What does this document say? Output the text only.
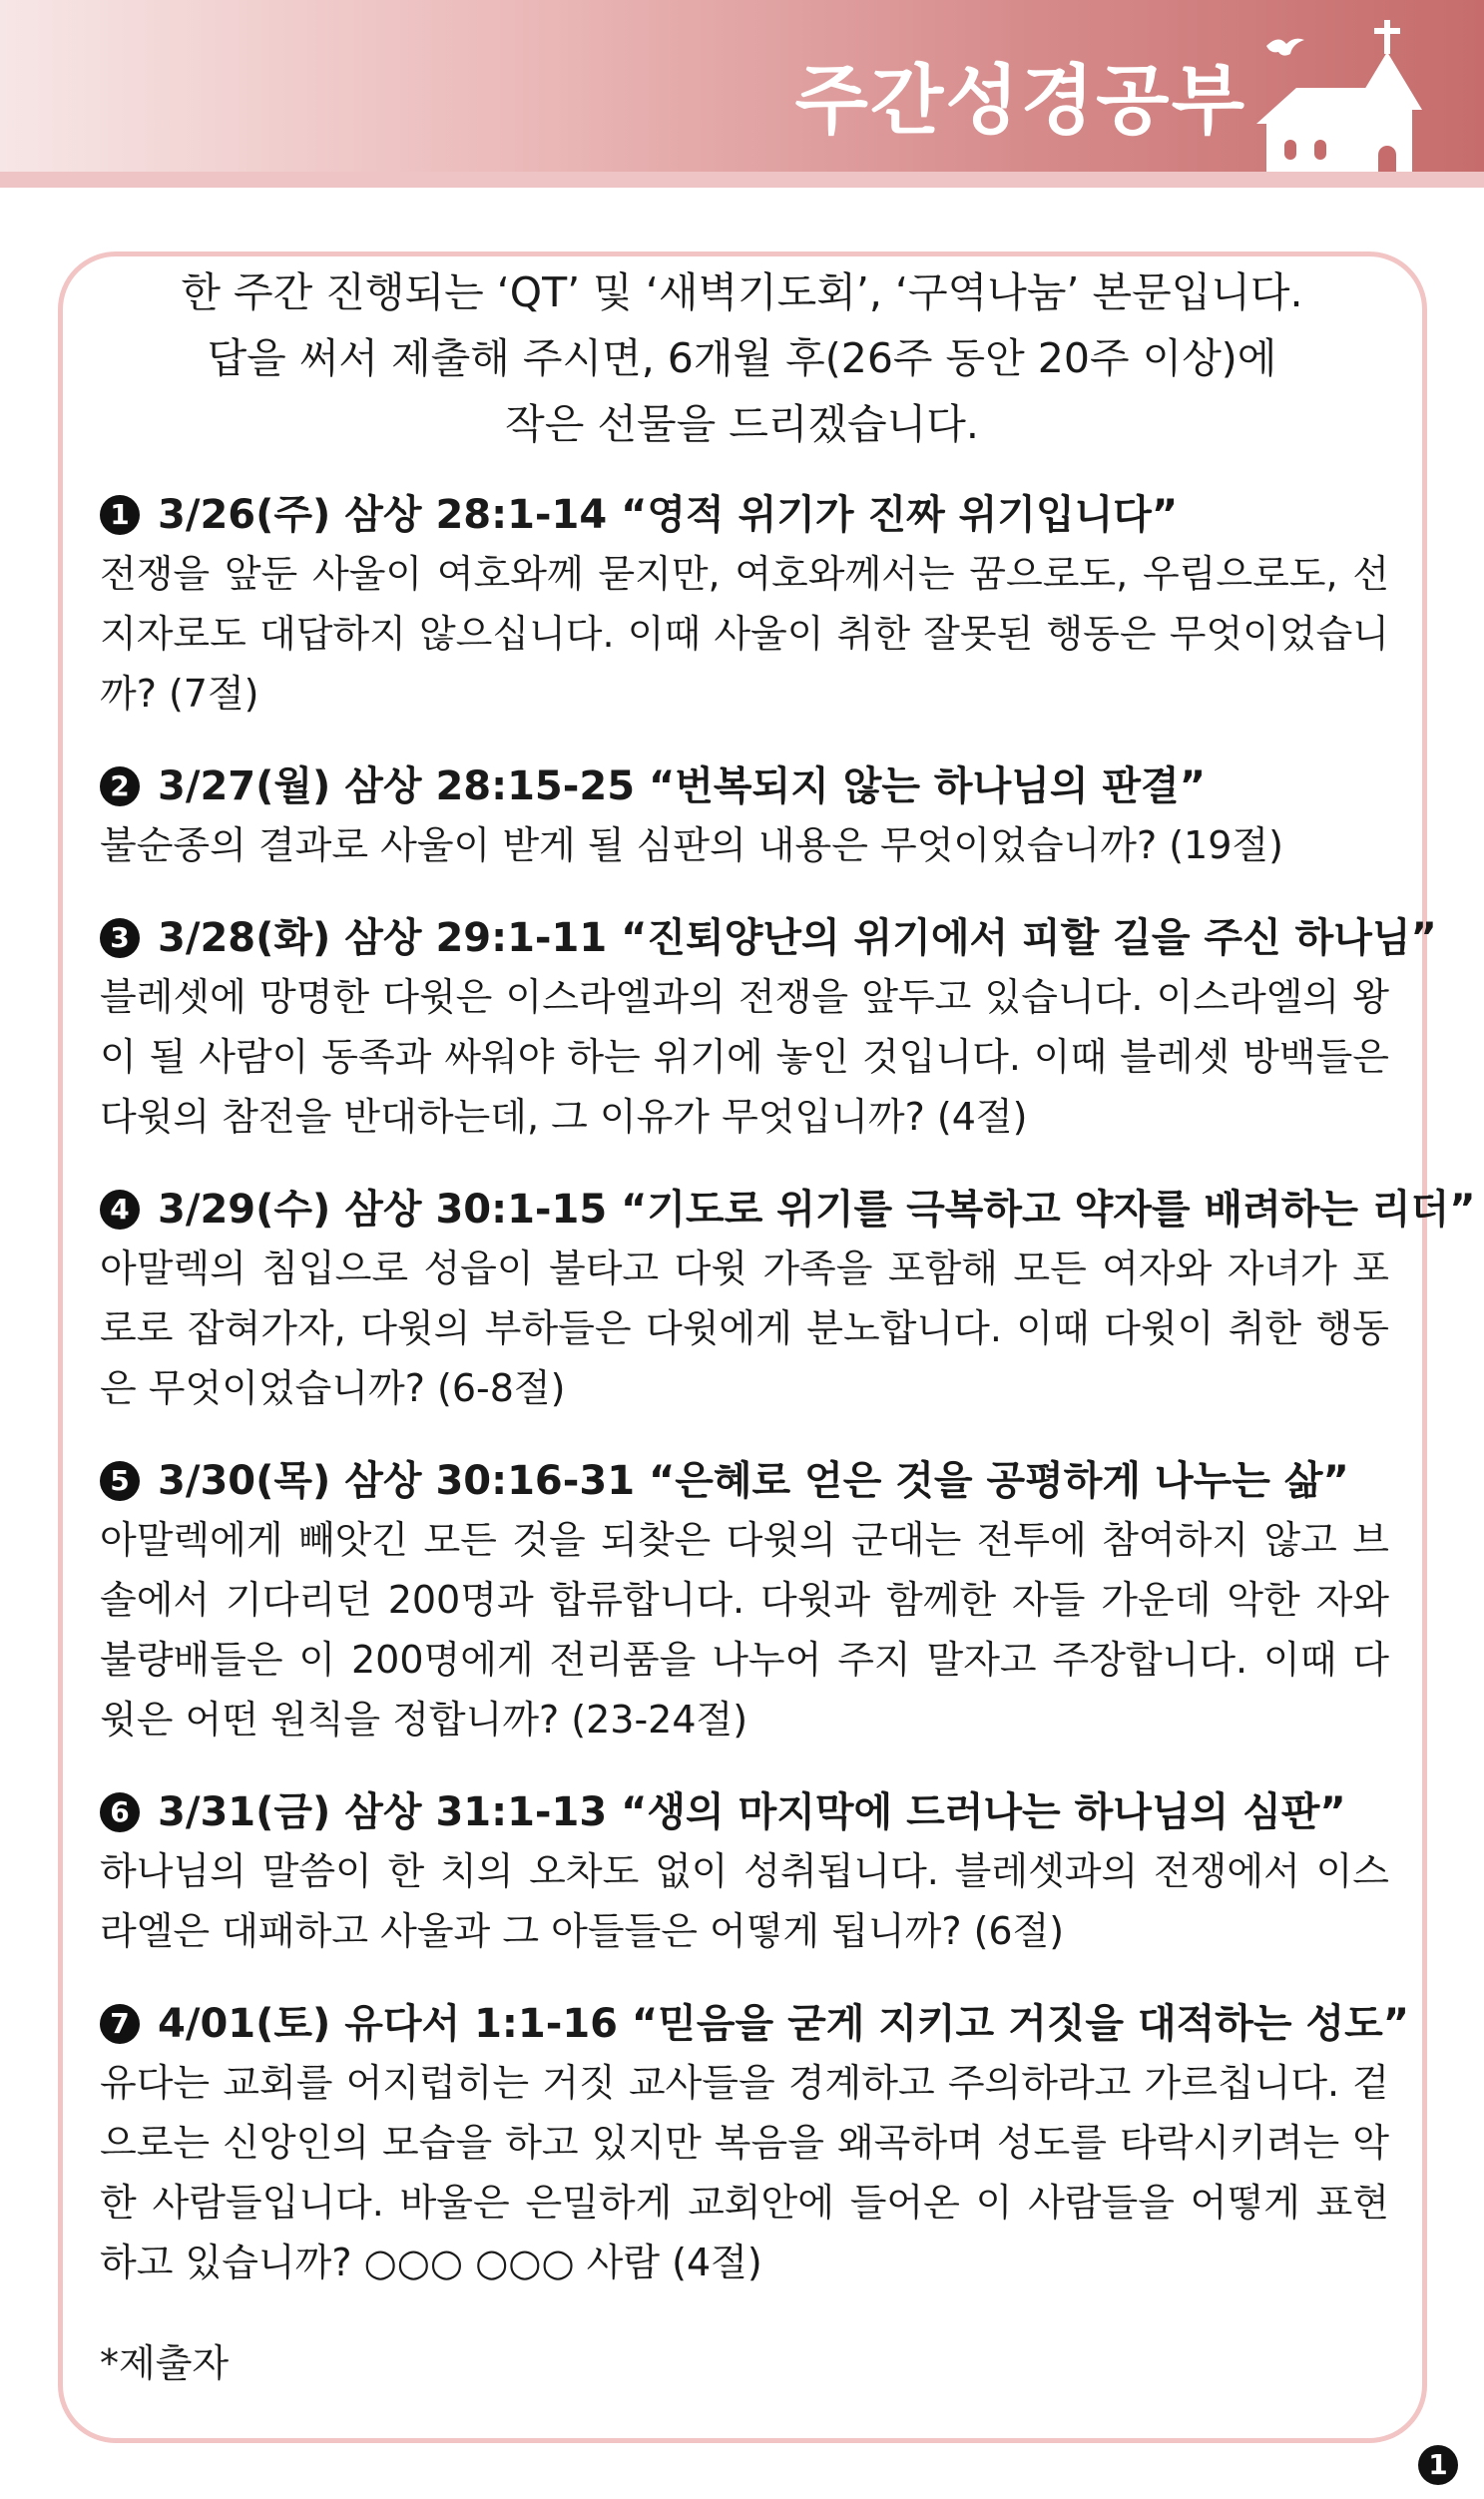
주간성경공부
한 주간 진행되는 ‘QT’ 및 ‘새벽기도회’, ‘구역나눔’ 본문입니다.
답을 써서 제출해 주시면, 6개월 후(26주 동안 20주 이상)에
작은 선물을 드리겠습니다.
1 3/26(주) 삼상 28:1-14 “영적 위기가 진짜 위기입니다”
전쟁을 앞둔 사울이 여호와께 묻지만, 여호와께서는 꿈으로도, 우림으로도, 선지자로도 대답하지 않으십니다. 이때 사울이 취한 잘못된 행동은 무엇이었습니까? (7절)
2 3/27(월) 삼상 28:15-25 “번복되지 않는 하나님의 판결”
불순종의 결과로 사울이 받게 될 심판의 내용은 무엇이었습니까? (19절)
3 3/28(화) 삼상 29:1-11 “진퇴양난의 위기에서 피할 길을 주신 하나님”
블레셋에 망명한 다윗은 이스라엘과의 전쟁을 앞두고 있습니다. 이스라엘의 왕이 될 사람이 동족과 싸워야 하는 위기에 놓인 것입니다. 이때 블레셋 방백들은 다윗의 참전을 반대하는데, 그 이유가 무엇입니까? (4절)
4 3/29(수) 삼상 30:1-15 “기도로 위기를 극복하고 약자를 배려하는 리더”
아말렉의 침입으로 성읍이 불타고 다윗 가족을 포함해 모든 여자와 자녀가 포로로 잡혀가자, 다윗의 부하들은 다윗에게 분노합니다. 이때 다윗이 취한 행동은 무엇이었습니까? (6-8절)
5 3/30(목) 삼상 30:16-31 “은혜로 얻은 것을 공평하게 나누는 삶”
아말렉에게 빼앗긴 모든 것을 되찾은 다윗의 군대는 전투에 참여하지 않고 브솔에서 기다리던 200명과 합류합니다. 다윗과 함께한 자들 가운데 악한 자와 불량배들은 이 200명에게 전리품을 나누어 주지 말자고 주장합니다. 이때 다윗은 어떤 원칙을 정합니까? (23-24절)
6 3/31(금) 삼상 31:1-13 “생의 마지막에 드러나는 하나님의 심판”
하나님의 말씀이 한 치의 오차도 없이 성취됩니다. 블레셋과의 전쟁에서 이스라엘은 대패하고 사울과 그 아들들은 어떻게 됩니까? (6절)
7 4/01(토) 유다서 1:1-16 “믿음을 굳게 지키고 거짓을 대적하는 성도”
유다는 교회를 어지럽히는 거짓 교사들을 경계하고 주의하라고 가르칩니다. 겉으로는 신앙인의 모습을 하고 있지만 복음을 왜곡하며 성도를 타락시키려는 악한 사람들입니다. 바울은 은밀하게 교회안에 들어온 이 사람들을 어떻게 표현하고 있습니까? ○○○ ○○○ 사람 (4절)
*제출자
1
